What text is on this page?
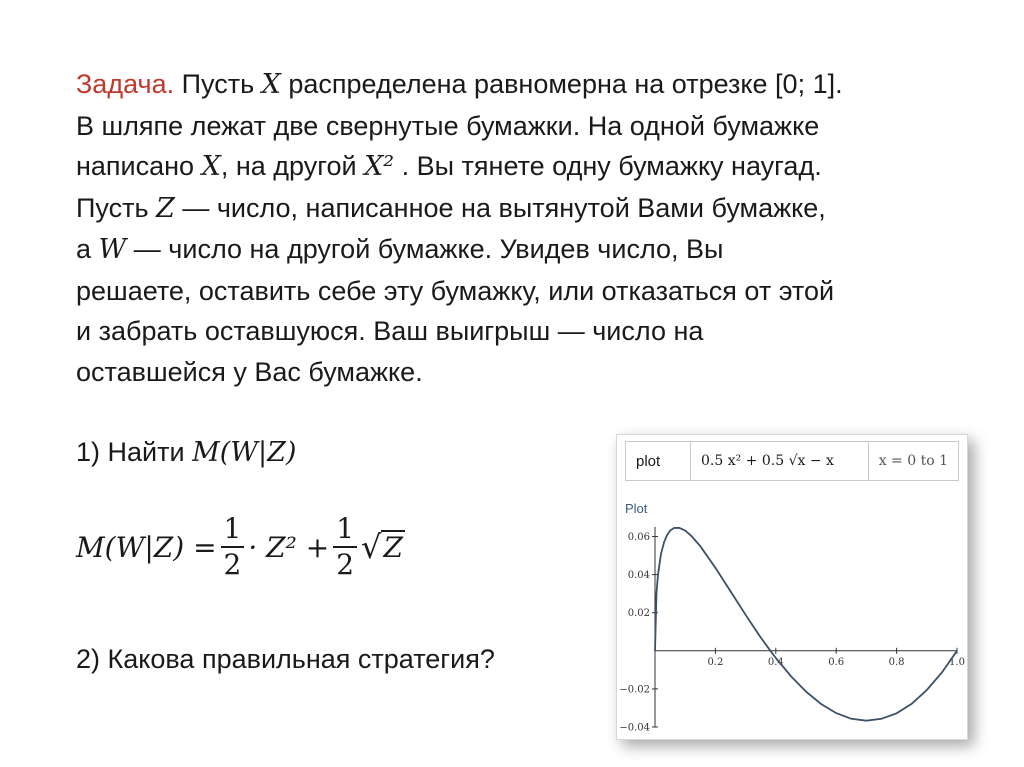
Задача. Пусть X распределена равномерна на отрезке [0; 1].
В шляпе лежат две свернутые бумажки. На одной бумажке
написано X, на другой X² . Вы тянете одну бумажку наугад.
Пусть Z — число, написанное на вытянутой Вами бумажке,
а W — число на другой бумажке. Увидев число, Вы
решаете, оставить себе эту бумажку, или отказаться от этой
и забрать оставшуюся. Ваш выигрыш — число на
оставшейся у Вас бумажке.

1) Найти M(W|Z)
$M(W|Z) = \frac{1}{2} \cdot Z^2 + \frac{1}{2}$ √ Z
2) Какова правильная стратегия?
plot	0.5 x² + 0.5 √x − x	x = 0 to 1
Plot
0.2	0.4	0.6	0.8	1.0
0.06
0.04
0.02
−0.02
−0.04
